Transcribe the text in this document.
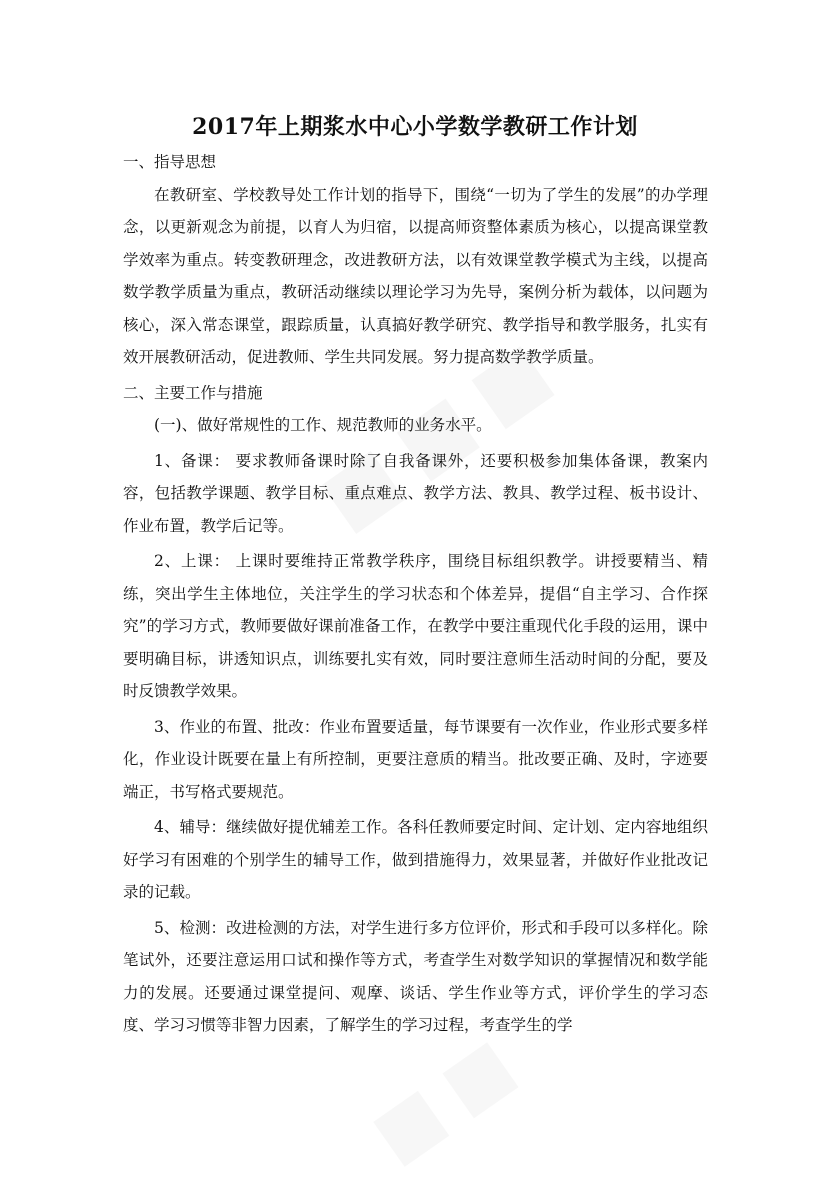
2017年上期浆水中心小学数学教研工作计划

一、指导思想

在教研室、学校教导处工作计划的指导下，围绕“一切为了学生的发展”的办学理念，以更新观念为前提，以育人为归宿，以提高师资整体素质为核心，以提高课堂教学效率为重点。转变教研理念，改进教研方法，以有效课堂教学模式为主线，以提高数学教学质量为重点，教研活动继续以理论学习为先导，案例分析为载体，以问题为核心，深入常态课堂，跟踪质量，认真搞好教学研究、教学指导和教学服务，扎实有效开展教研活动，促进教师、学生共同发展。努力提高数学教学质量。

二、主要工作与措施

(一)、做好常规性的工作、规范教师的业务水平。

1、备课： 要求教师备课时除了自我备课外，还要积极参加集体备课，教案内容，包括教学课题、教学目标、重点难点、教学方法、教具、教学过程、板书设计、作业布置，教学后记等。

2、上课： 上课时要维持正常教学秩序，围绕目标组织教学。讲授要精当、精练，突出学生主体地位，关注学生的学习状态和个体差异，提倡“自主学习、合作探究”的学习方式，教师要做好课前准备工作，在教学中要注重现代化手段的运用，课中要明确目标，讲透知识点，训练要扎实有效，同时要注意师生活动时间的分配，要及时反馈教学效果。

3、作业的布置、批改：作业布置要适量，每节课要有一次作业，作业形式要多样化，作业设计既要在量上有所控制，更要注意质的精当。批改要正确、及时，字迹要端正，书写格式要规范。

4、辅导：继续做好提优辅差工作。各科任教师要定时间、定计划、定内容地组织好学习有困难的个别学生的辅导工作，做到措施得力，效果显著，并做好作业批改记录的记载。

5、检测：改进检测的方法，对学生进行多方位评价，形式和手段可以多样化。除笔试外，还要注意运用口试和操作等方式，考查学生对数学知识的掌握情况和数学能力的发展。还要通过课堂提问、观摩、谈话、学生作业等方式，评价学生的学习态度、学习习惯等非智力因素，了解学生的学习过程，考查学生的学
